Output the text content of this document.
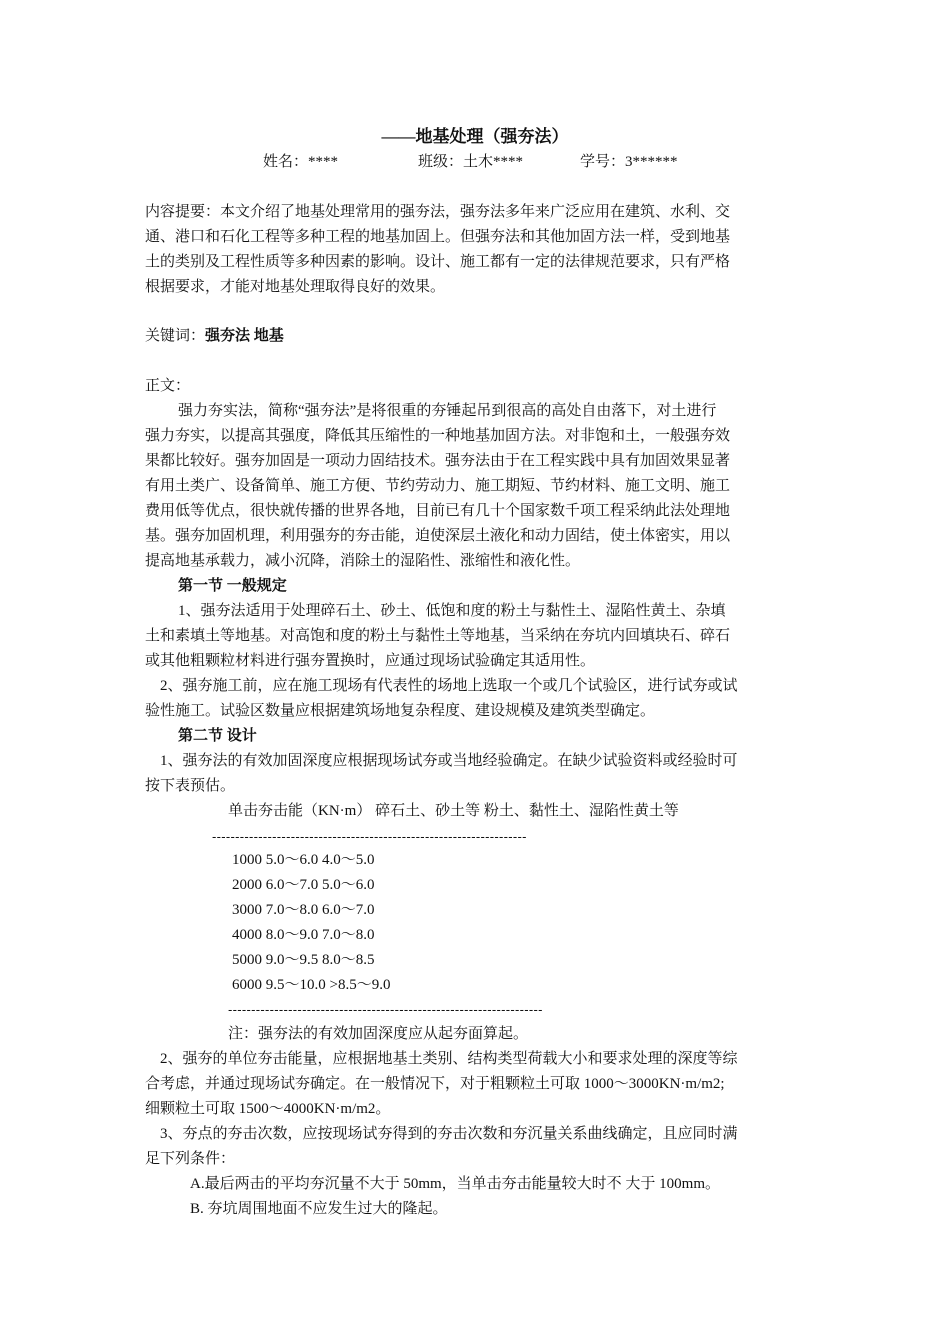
——地基处理（强夯法）
姓名：****	班级：土木****	学号：3******
内容提要：本文介绍了地基处理常用的强夯法，强夯法多年来广泛应用在建筑、水利、交
通、港口和石化工程等多种工程的地基加固上。但强夯法和其他加固方法一样，受到地基
土的类别及工程性质等多种因素的影响。设计、施工都有一定的法律规范要求，只有严格
根据要求，才能对地基处理取得良好的效果。
关键词：强夯法 地基
正文：
强力夯实法，简称“强夯法”是将很重的夯锤起吊到很高的高处自由落下，对土进行
强力夯实，以提高其强度，降低其压缩性的一种地基加固方法。对非饱和土，一般强夯效
果都比较好。强夯加固是一项动力固结技术。强夯法由于在工程实践中具有加固效果显著
有用土类广、设备简单、施工方便、节约劳动力、施工期短、节约材料、施工文明、施工
费用低等优点，很快就传播的世界各地，目前已有几十个国家数千项工程采纳此法处理地
基。强夯加固机理，利用强夯的夯击能，迫使深层土液化和动力固结，使土体密实，用以
提高地基承载力，减小沉降，消除土的湿陷性、涨缩性和液化性。
第一节 一般规定
1、强夯法适用于处理碎石土、砂土、低饱和度的粉土与黏性土、湿陷性黄土、杂填
土和素填土等地基。对高饱和度的粉土与黏性土等地基，当采纳在夯坑内回填块石、碎石
或其他粗颗粒材料进行强夯置换时，应通过现场试验确定其适用性。
2、强夯施工前，应在施工现场有代表性的场地上选取一个或几个试验区，进行试夯或试
验性施工。试验区数量应根据建筑场地复杂程度、建设规模及建筑类型确定。
第二节 设计
1、强夯法的有效加固深度应根据现场试夯或当地经验确定。在缺少试验资料或经验时可
按下表预估。
单击夯击能（KN·m） 碎石土、砂土等 粉土、黏性土、湿陷性黄土等
--------------------------------------------------------------------
1000 5.0～6.0 4.0～5.0
2000 6.0～7.0 5.0～6.0
3000 7.0～8.0 6.0～7.0
4000 8.0～9.0 7.0～8.0
5000 9.0～9.5 8.0～8.5
6000 9.5～10.0 >8.5～9.0
--------------------------------------------------------------------
注：强夯法的有效加固深度应从起夯面算起。
2、强夯的单位夯击能量，应根据地基土类别、结构类型荷载大小和要求处理的深度等综
合考虑，并通过现场试夯确定。在一般情况下，对于粗颗粒土可取 1000～3000KN·m/m2;
细颗粒土可取 1500～4000KN·m/m2。
3、夯点的夯击次数，应按现场试夯得到的夯击次数和夯沉量关系曲线确定，且应同时满
足下列条件：
A.最后两击的平均夯沉量不大于 50mm，当单击夯击能量较大时不 大于 100mm。
B. 夯坑周围地面不应发生过大的隆起。
